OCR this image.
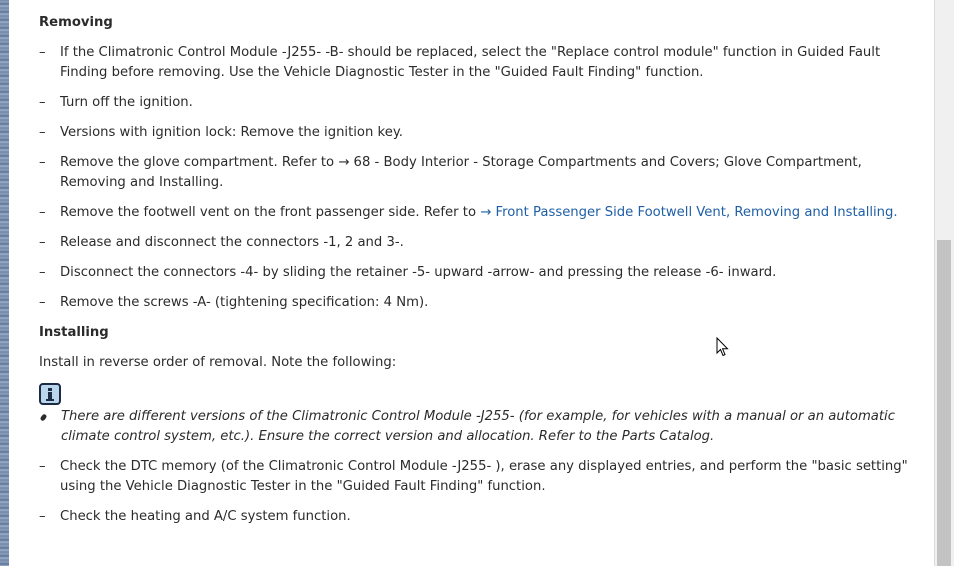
Removing
– If the Climatronic Control Module -J255- -B- should be replaced, select the "Replace control module" function in Guided Fault Finding before removing. Use the Vehicle Diagnostic Tester in the "Guided Fault Finding" function.
– Turn off the ignition.
– Versions with ignition lock: Remove the ignition key.
– Remove the glove compartment. Refer to → 68 - Body Interior - Storage Compartments and Covers; Glove Compartment, Removing and Installing.
– Remove the footwell vent on the front passenger side. Refer to → Front Passenger Side Footwell Vent, Removing and Installing.
– Release and disconnect the connectors -1, 2 and 3-.
– Disconnect the connectors -4- by sliding the retainer -5- upward -arrow- and pressing the release -6- inward.
– Remove the screws -A- (tightening specification: 4 Nm).
Installing
Install in reverse order of removal. Note the following:
There are different versions of the Climatronic Control Module -J255- (for example, for vehicles with a manual or an automatic climate control system, etc.). Ensure the correct version and allocation. Refer to the Parts Catalog.
– Check the DTC memory (of the Climatronic Control Module -J255- ), erase any displayed entries, and perform the "basic setting" using the Vehicle Diagnostic Tester in the "Guided Fault Finding" function.
– Check the heating and A/C system function.
